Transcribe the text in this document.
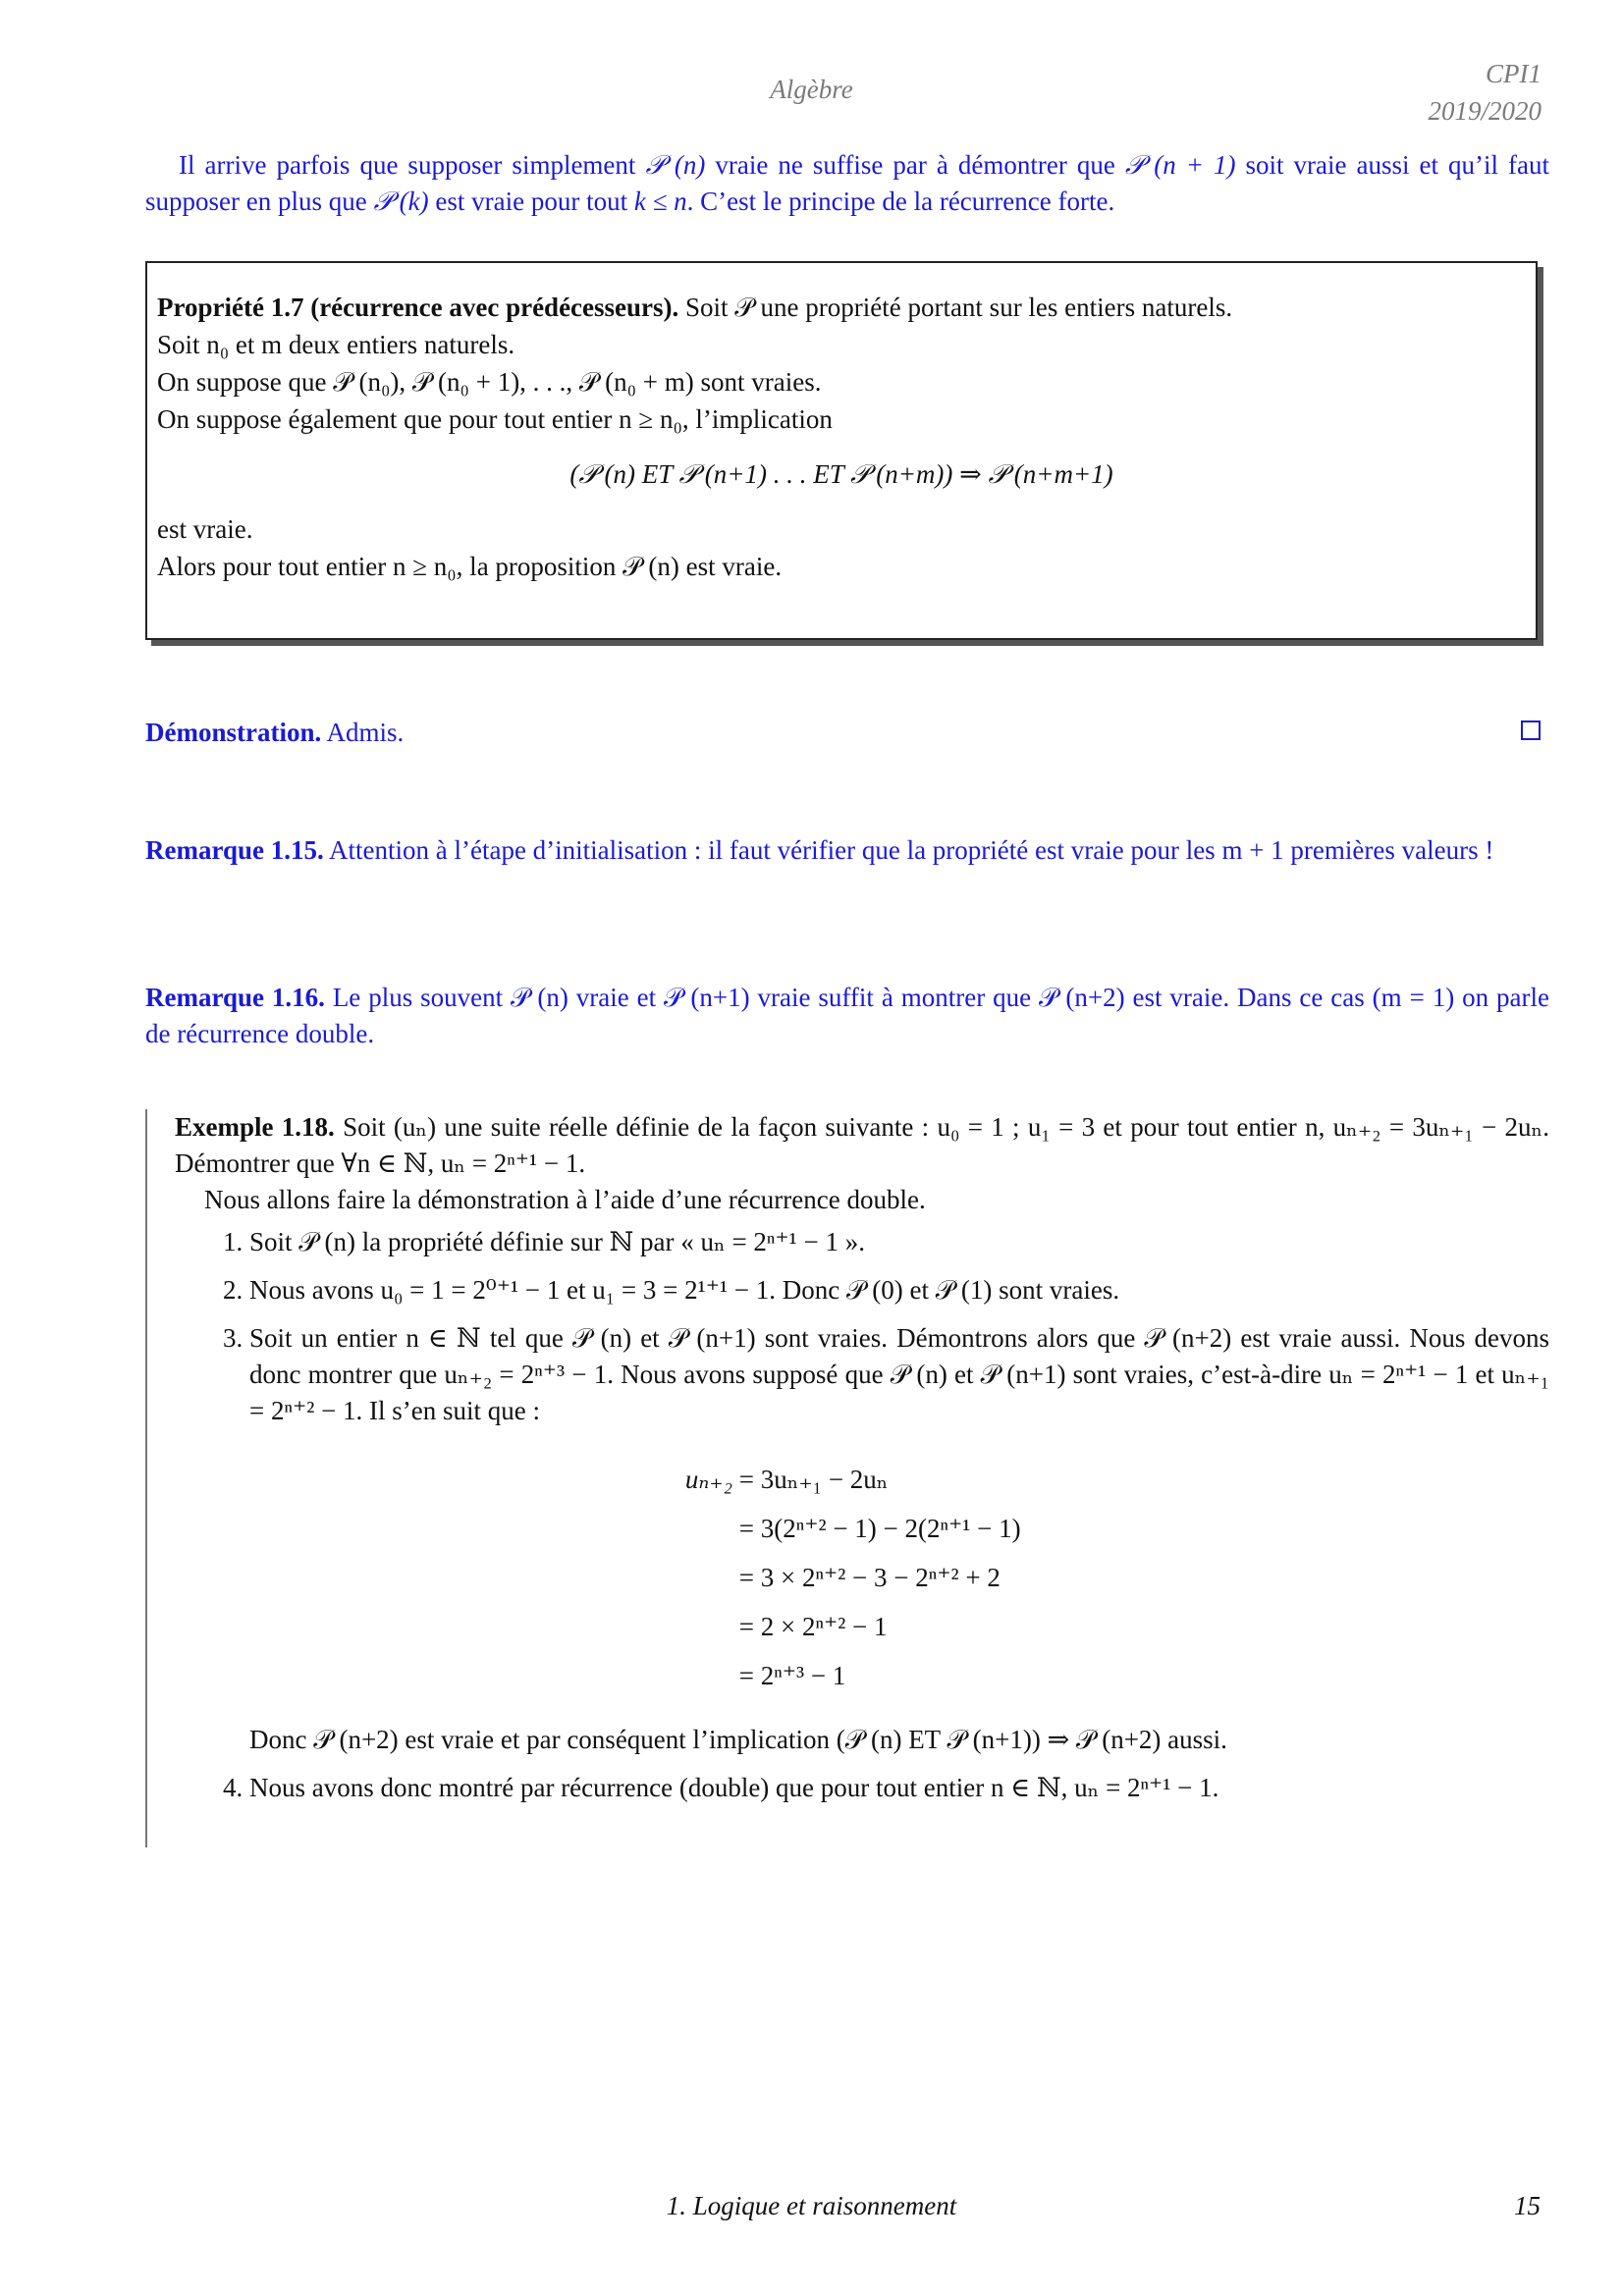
Algèbre
CPI1
2019/2020
Il arrive parfois que supposer simplement 𝒫 (n) vraie ne suffise par à démontrer que 𝒫 (n + 1) soit vraie aussi et qu’il faut supposer en plus que 𝒫 (k) est vraie pour tout k ≤ n. C’est le principe de la récurrence forte.
Propriété 1.7 (récurrence avec prédécesseurs). Soit 𝒫 une propriété portant sur les entiers naturels.
Soit n₀ et m deux entiers naturels.
On suppose que 𝒫 (n₀), 𝒫 (n₀ + 1), . . ., 𝒫 (n₀ + m) sont vraies.
On suppose également que pour tout entier n ≥ n₀, l’implication
(𝒫 (n) ET 𝒫 (n+1) . . . ET 𝒫 (n+m)) ⇒ 𝒫 (n+m+1)
est vraie.
Alors pour tout entier n ≥ n₀, la proposition 𝒫 (n) est vraie.
Démonstration. Admis.
Remarque 1.15. Attention à l’étape d’initialisation : il faut vérifier que la propriété est vraie pour les m + 1 premières valeurs !
Remarque 1.16. Le plus souvent 𝒫 (n) vraie et 𝒫 (n+1) vraie suffit à montrer que 𝒫 (n+2) est vraie. Dans ce cas (m = 1) on parle de récurrence double.
Exemple 1.18. Soit (uₙ) une suite réelle définie de la façon suivante : u₀ = 1 ; u₁ = 3 et pour tout entier n, uₙ₊₂ = 3uₙ₊₁ − 2uₙ. Démontrer que ∀n ∈ ℕ, uₙ = 2ⁿ⁺¹ − 1.
Nous allons faire la démonstration à l’aide d’une récurrence double.
1. Soit 𝒫 (n) la propriété définie sur ℕ par « uₙ = 2ⁿ⁺¹ − 1 ».
2. Nous avons u₀ = 1 = 2⁰⁺¹ − 1 et u₁ = 3 = 2¹⁺¹ − 1. Donc 𝒫 (0) et 𝒫 (1) sont vraies.
3. Soit un entier n ∈ ℕ tel que 𝒫 (n) et 𝒫 (n+1) sont vraies. Démontrons alors que 𝒫 (n+2) est vraie aussi. Nous devons donc montrer que uₙ₊₂ = 2ⁿ⁺³ − 1. Nous avons supposé que 𝒫 (n) et 𝒫 (n+1) sont vraies, c’est-à-dire uₙ = 2ⁿ⁺¹ − 1 et uₙ₊₁ = 2ⁿ⁺² − 1. Il s’en suit que :
uₙ₊₂ = 3uₙ₊₁ − 2uₙ
= 3(2ⁿ⁺² − 1) − 2(2ⁿ⁺¹ − 1)
= 3 × 2ⁿ⁺² − 3 − 2ⁿ⁺² + 2
= 2 × 2ⁿ⁺² − 1
= 2ⁿ⁺³ − 1
Donc 𝒫 (n+2) est vraie et par conséquent l’implication (𝒫 (n) ET 𝒫 (n+1)) ⇒ 𝒫 (n+2) aussi.
4. Nous avons donc montré par récurrence (double) que pour tout entier n ∈ ℕ, uₙ = 2ⁿ⁺¹ − 1.
1. Logique et raisonnement	15
